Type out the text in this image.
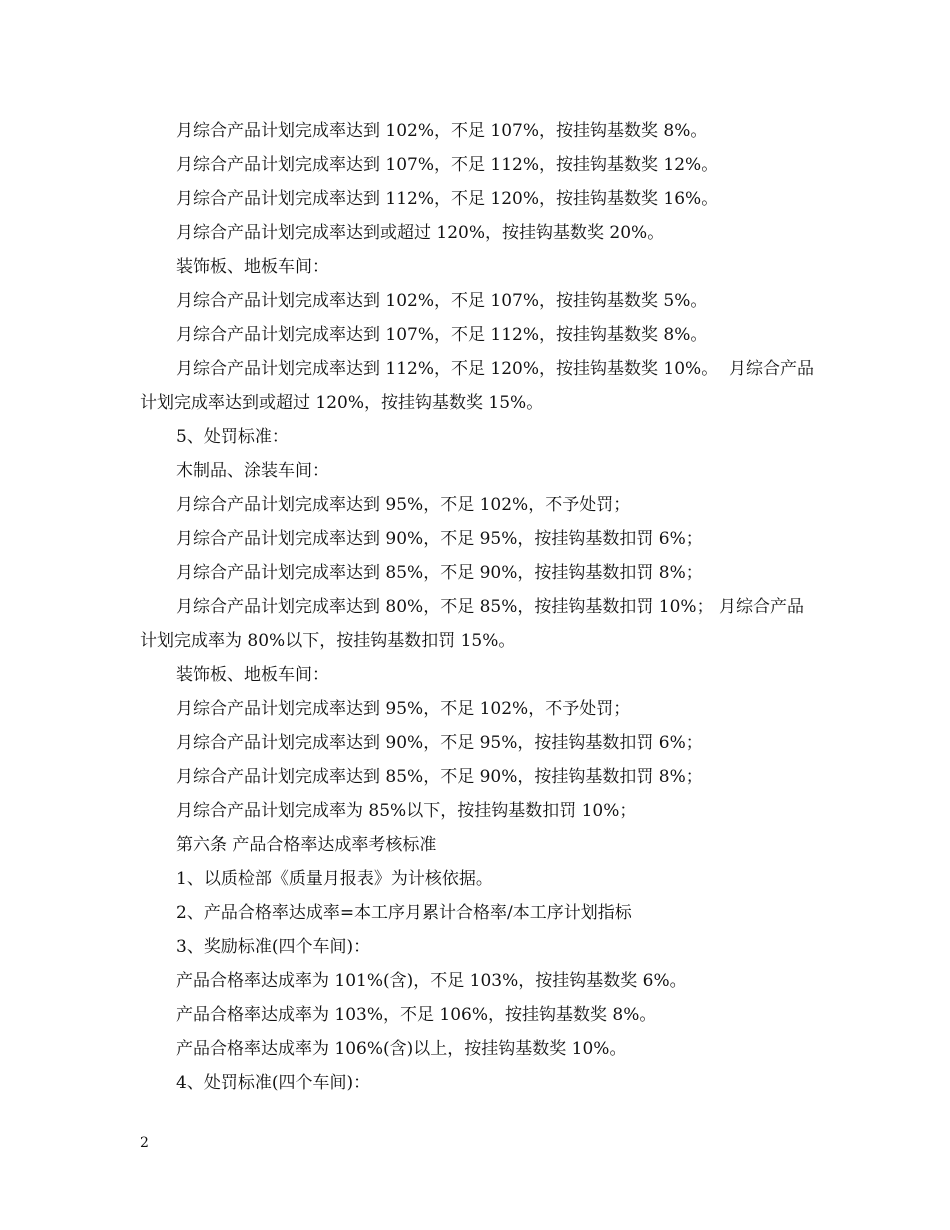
月综合产品计划完成率达到 102%，不足 107%，按挂钩基数奖 8%。

月综合产品计划完成率达到 107%，不足 112%，按挂钩基数奖 12%。

月综合产品计划完成率达到 112%，不足 120%，按挂钩基数奖 16%。

月综合产品计划完成率达到或超过 120%，按挂钩基数奖 20%。

装饰板、地板车间：

月综合产品计划完成率达到 102%，不足 107%，按挂钩基数奖 5%。

月综合产品计划完成率达到 107%，不足 112%，按挂钩基数奖 8%。

月综合产品计划完成率达到 112%，不足 120%，按挂钩基数奖 10%。  月综合产品计划完成率达到或超过 120%，按挂钩基数奖 15%。

5、处罚标准：

木制品、涂装车间：

月综合产品计划完成率达到 95%，不足 102%，不予处罚；

月综合产品计划完成率达到 90%，不足 95%，按挂钩基数扣罚 6%；

月综合产品计划完成率达到 85%，不足 90%，按挂钩基数扣罚 8%；

月综合产品计划完成率达到 80%，不足 85%，按挂钩基数扣罚 10%； 月综合产品计划完成率为 80%以下，按挂钩基数扣罚 15%。

装饰板、地板车间：

月综合产品计划完成率达到 95%，不足 102%，不予处罚；

月综合产品计划完成率达到 90%，不足 95%，按挂钩基数扣罚 6%；

月综合产品计划完成率达到 85%，不足 90%，按挂钩基数扣罚 8%；

月综合产品计划完成率为 85%以下，按挂钩基数扣罚 10%；

第六条 产品合格率达成率考核标准

1、以质检部《质量月报表》为计核依据。

2、产品合格率达成率=本工序月累计合格率/本工序计划指标

3、奖励标准(四个车间)：

产品合格率达成率为 101%(含)，不足 103%，按挂钩基数奖 6%。

产品合格率达成率为 103%，不足 106%，按挂钩基数奖 8%。

产品合格率达成率为 106%(含)以上，按挂钩基数奖 10%。

4、处罚标准(四个车间)：

2
